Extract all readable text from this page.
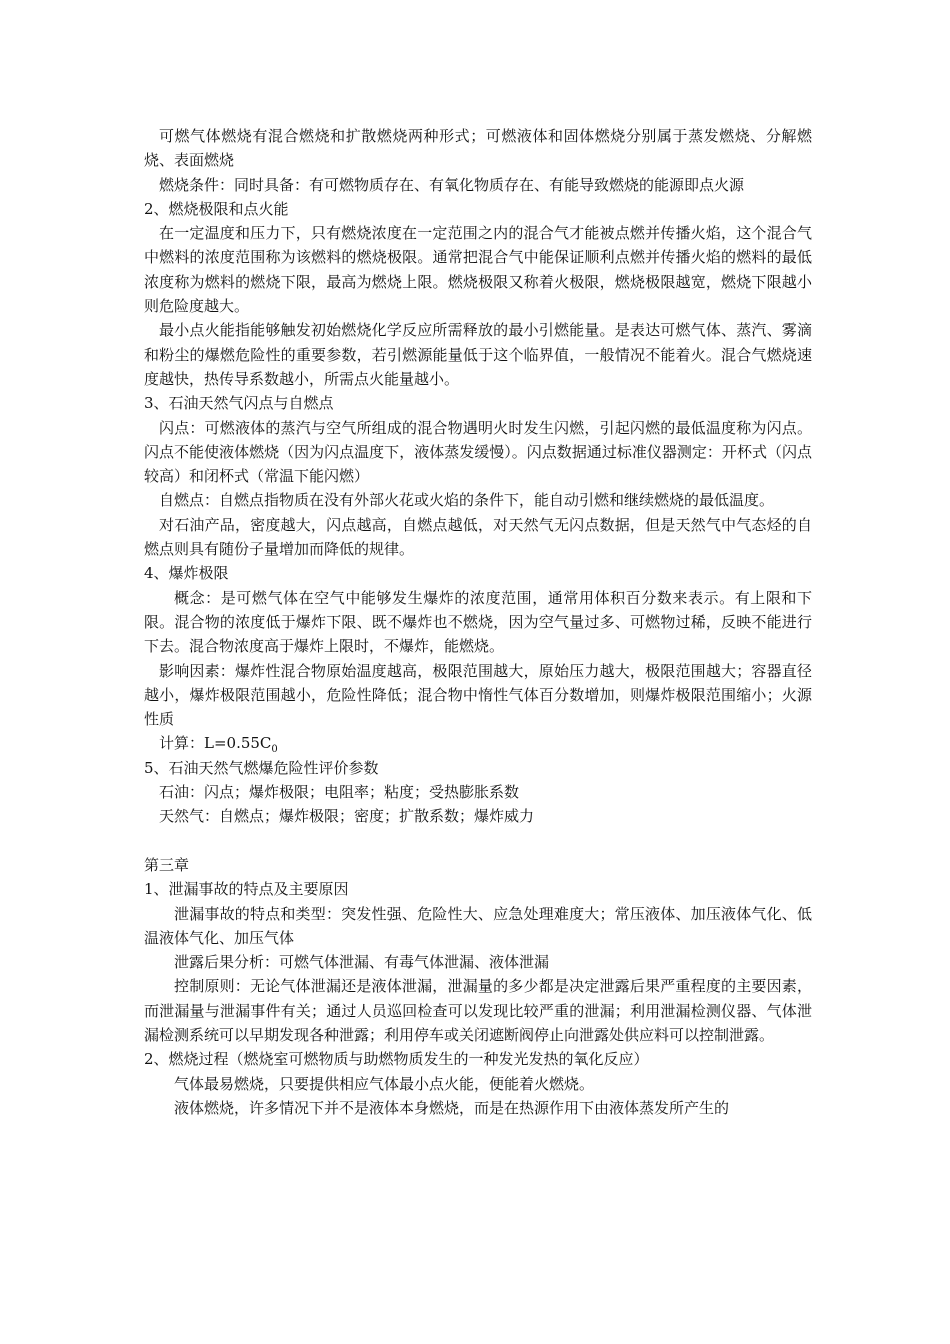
可燃气体燃烧有混合燃烧和扩散燃烧两种形式；可燃液体和固体燃烧分别属于蒸发燃烧、分解燃烧、表面燃烧

燃烧条件：同时具备：有可燃物质存在、有氧化物质存在、有能导致燃烧的能源即点火源

2、燃烧极限和点火能

在一定温度和压力下，只有燃烧浓度在一定范围之内的混合气才能被点燃并传播火焰，这个混合气中燃料的浓度范围称为该燃料的燃烧极限。通常把混合气中能保证顺利点燃并传播火焰的燃料的最低浓度称为燃料的燃烧下限，最高为燃烧上限。燃烧极限又称着火极限，燃烧极限越宽，燃烧下限越小则危险度越大。

最小点火能指能够触发初始燃烧化学反应所需释放的最小引燃能量。是表达可燃气体、蒸汽、雾滴和粉尘的爆燃危险性的重要参数，若引燃源能量低于这个临界值，一般情况不能着火。混合气燃烧速度越快，热传导系数越小，所需点火能量越小。

3、石油天然气闪点与自燃点

闪点：可燃液体的蒸汽与空气所组成的混合物遇明火时发生闪燃，引起闪燃的最低温度称为闪点。闪点不能使液体燃烧（因为闪点温度下，液体蒸发缓慢）。闪点数据通过标准仪器测定：开杯式（闪点较高）和闭杯式（常温下能闪燃）

自燃点：自燃点指物质在没有外部火花或火焰的条件下，能自动引燃和继续燃烧的最低温度。

对石油产品，密度越大，闪点越高，自燃点越低，对天然气无闪点数据，但是天然气中气态烃的自燃点则具有随份子量增加而降低的规律。

4、爆炸极限

概念：是可燃气体在空气中能够发生爆炸的浓度范围，通常用体积百分数来表示。有上限和下限。混合物的浓度低于爆炸下限、既不爆炸也不燃烧，因为空气量过多、可燃物过稀，反映不能进行下去。混合物浓度高于爆炸上限时，不爆炸，能燃烧。

影响因素：爆炸性混合物原始温度越高，极限范围越大，原始压力越大，极限范围越大；容器直径越小，爆炸极限范围越小，危险性降低；混合物中惰性气体百分数增加，则爆炸极限范围缩小；火源性质

计算：$L=0.55C_0$

5、石油天然气燃爆危险性评价参数

石油：闪点；爆炸极限；电阻率；粘度；受热膨胀系数

天然气：自燃点；爆炸极限；密度；扩散系数；爆炸威力

第三章

1、泄漏事故的特点及主要原因

泄漏事故的特点和类型：突发性强、危险性大、应急处理难度大；常压液体、加压液体气化、低温液体气化、加压气体

泄露后果分析：可燃气体泄漏、有毒气体泄漏、液体泄漏

控制原则：无论气体泄漏还是液体泄漏，泄漏量的多少都是决定泄露后果严重程度的主要因素，而泄漏量与泄漏事件有关；通过人员巡回检查可以发现比较严重的泄漏；利用泄漏检测仪器、气体泄漏检测系统可以早期发现各种泄露；利用停车或关闭遮断阀停止向泄露处供应料可以控制泄露。

2、燃烧过程（燃烧室可燃物质与助燃物质发生的一种发光发热的氧化反应）

气体最易燃烧，只要提供相应气体最小点火能，便能着火燃烧。

液体燃烧，许多情况下并不是液体本身燃烧，而是在热源作用下由液体蒸发所产生的
